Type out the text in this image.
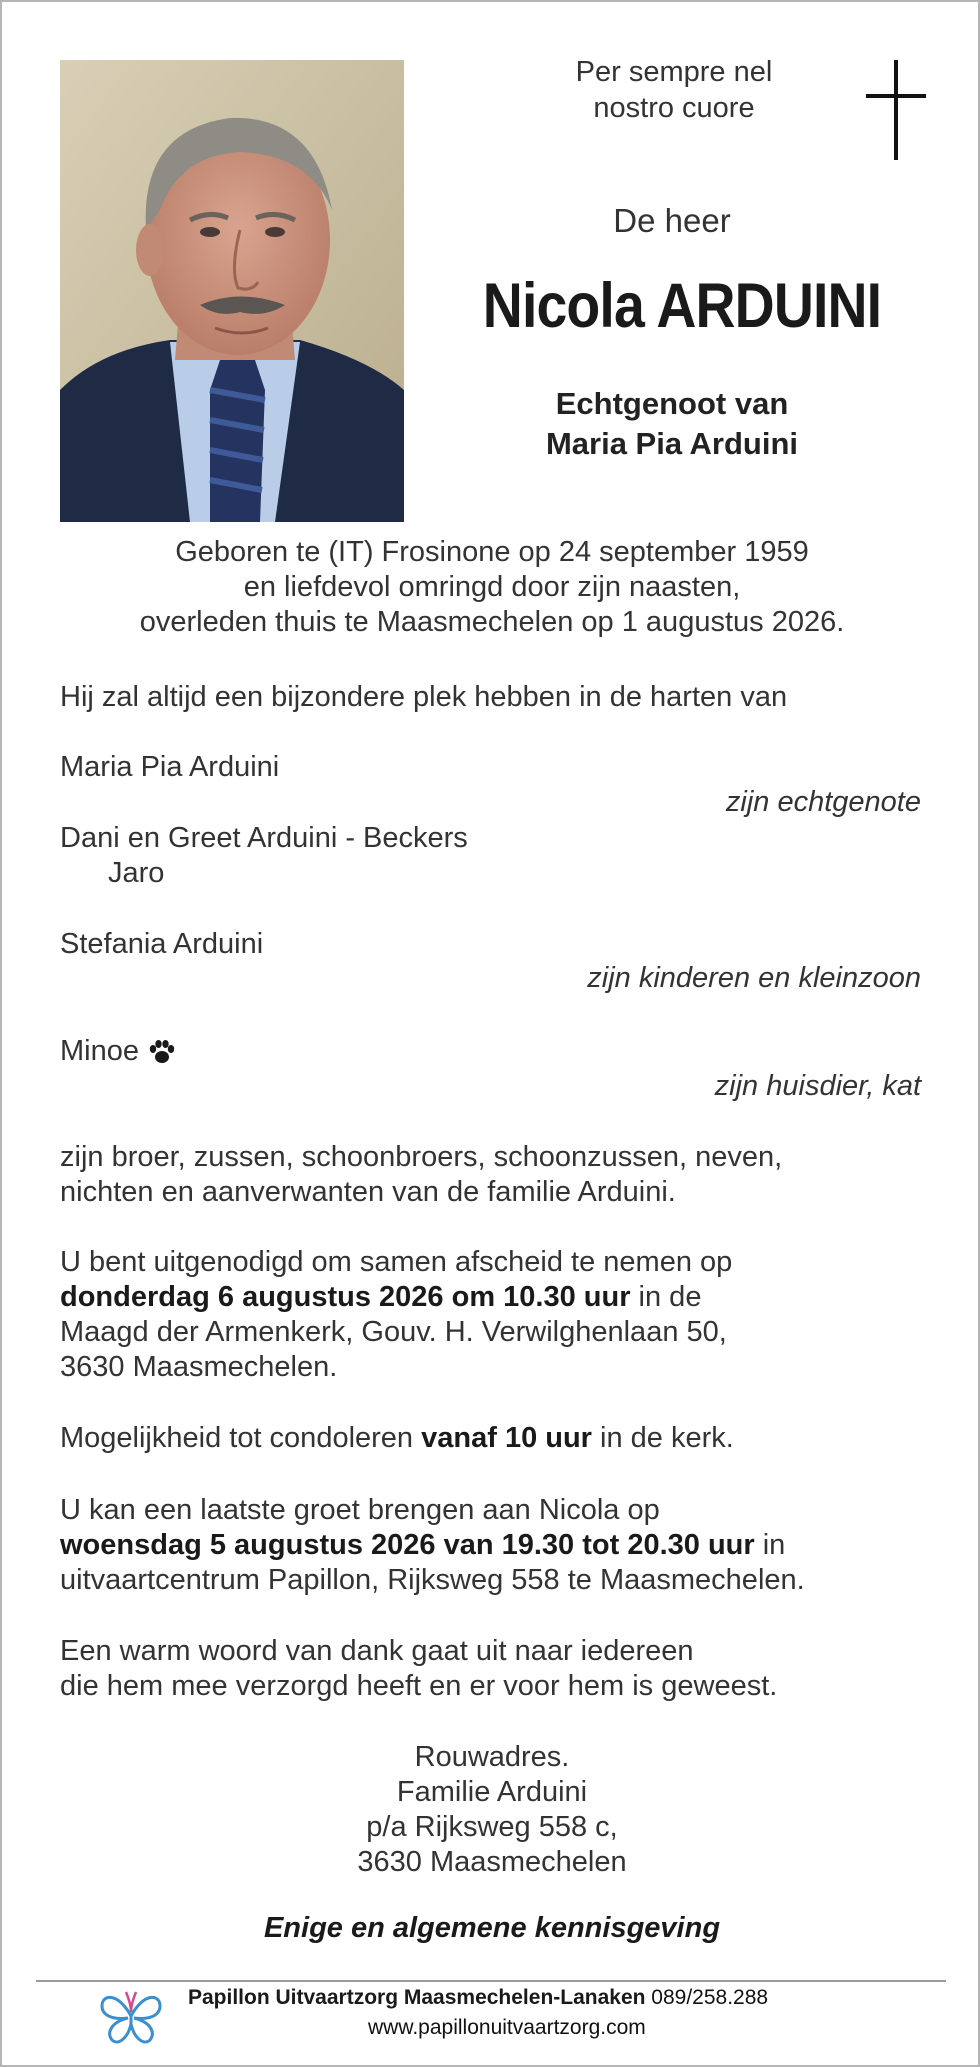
Per sempre nel
nostro cuore
De heer
Nicola ARDUINI
Echtgenoot van
Maria Pia Arduini
Geboren te (IT) Frosinone op 24 september 1959
en liefdevol omringd door zijn naasten,
overleden thuis te Maasmechelen op 1 augustus 2026.
Hij zal altijd een bijzondere plek hebben in de harten van
Maria Pia Arduini
zijn echtgenote
Dani en Greet Arduini - Beckers
Jaro
Stefania Arduini
zijn kinderen en kleinzoon
Minoe
zijn huisdier, kat
zijn broer, zussen, schoonbroers, schoonzussen, neven,
nichten en aanverwanten van de familie Arduini.
U bent uitgenodigd om samen afscheid te nemen op
donderdag 6 augustus 2026 om 10.30 uur in de
Maagd der Armenkerk, Gouv. H. Verwilghenlaan 50,
3630 Maasmechelen.
Mogelijkheid tot condoleren vanaf 10 uur in de kerk.
U kan een laatste groet brengen aan Nicola op
woensdag 5 augustus 2026 van 19.30 tot 20.30 uur in
uitvaartcentrum Papillon, Rijksweg 558 te Maasmechelen.
Een warm woord van dank gaat uit naar iedereen
die hem mee verzorgd heeft en er voor hem is geweest.
Rouwadres.
Familie Arduini
p/a Rijksweg 558 c,
3630 Maasmechelen
Enige en algemene kennisgeving
Papillon Uitvaartzorg Maasmechelen-Lanaken 089/258.288
www.papillonuitvaartzorg.com
